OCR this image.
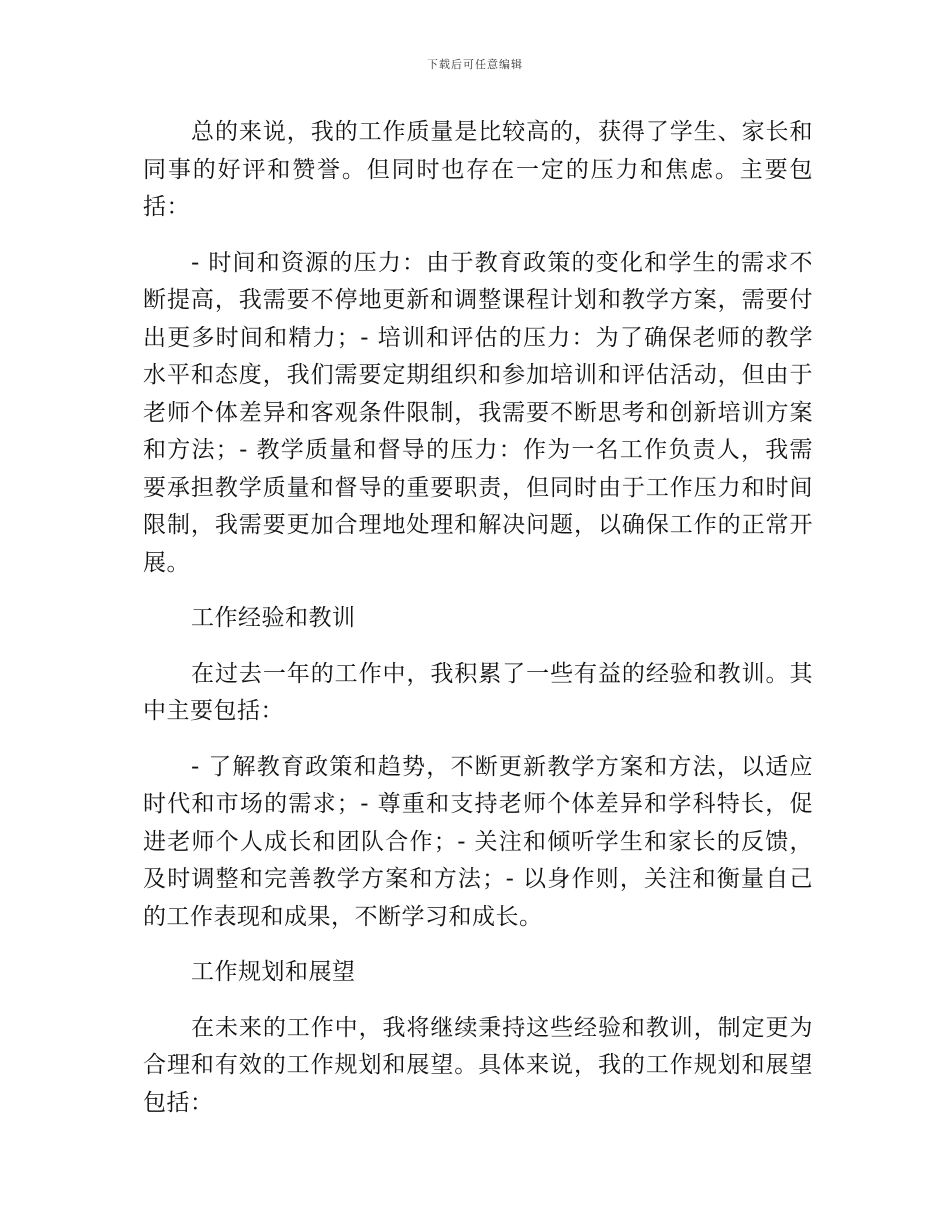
下载后可任意编辑

总的来说，我的工作质量是比较高的，获得了学生、家长和同事的好评和赞誉。但同时也存在一定的压力和焦虑。主要包括：

- 时间和资源的压力：由于教育政策的变化和学生的需求不断提高，我需要不停地更新和调整课程计划和教学方案，需要付出更多时间和精力；- 培训和评估的压力：为了确保老师的教学水平和态度，我们需要定期组织和参加培训和评估活动，但由于老师个体差异和客观条件限制，我需要不断思考和创新培训方案和方法；- 教学质量和督导的压力：作为一名工作负责人，我需要承担教学质量和督导的重要职责，但同时由于工作压力和时间限制，我需要更加合理地处理和解决问题，以确保工作的正常开展。

工作经验和教训

在过去一年的工作中，我积累了一些有益的经验和教训。其中主要包括：

- 了解教育政策和趋势，不断更新教学方案和方法，以适应时代和市场的需求；- 尊重和支持老师个体差异和学科特长，促进老师个人成长和团队合作；- 关注和倾听学生和家长的反馈，及时调整和完善教学方案和方法；- 以身作则，关注和衡量自己的工作表现和成果，不断学习和成长。

工作规划和展望

在未来的工作中，我将继续秉持这些经验和教训，制定更为合理和有效的工作规划和展望。具体来说，我的工作规划和展望包括：
